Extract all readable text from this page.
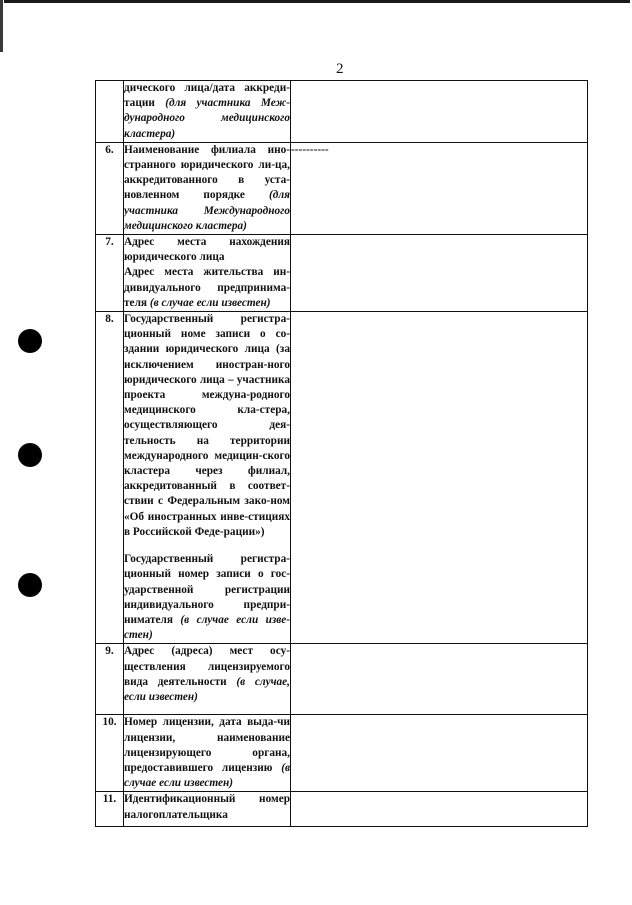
2
	дического лица/дата аккреди-тации (для участника Меж-дународного медицинского кластера)	
6.	Наименование филиала ино-странного юридического ли-ца, аккредитованного в уста-новленном порядке (для участника Международного медицинского кластера)	----------
7.	Адрес места нахождения юридического лица
Адрес места жительства ин-дивидуального предпринима-теля (в случае если известен)	
8.	Государственный регистра-ционный номе записи о со-здании юридического лица (за исключением иностран-ного юридического лица – участника проекта междуна-родного медицинского кла-стера, осуществляющего дея-тельность на территории международного медицин-ского кластера через филиал, аккредитованный в соответ-ствии с Федеральным зако-ном «Об иностранных инве-стициях в Российской Феде-рации»)
Государственный регистра-ционный номер записи о гос-ударственной регистрации индивидуального предпри-нимателя (в случае если изве-стен)	
9.	Адрес (адреса) мест осу-ществления лицензируемого вида деятельности (в случае, если известен)	
10.	Номер лицензии, дата выда-чи лицензии, наименование лицензирующего органа, предоставившего лицензию (в случае если известен)	
11.	Идентификационный номер налогоплательщика	
